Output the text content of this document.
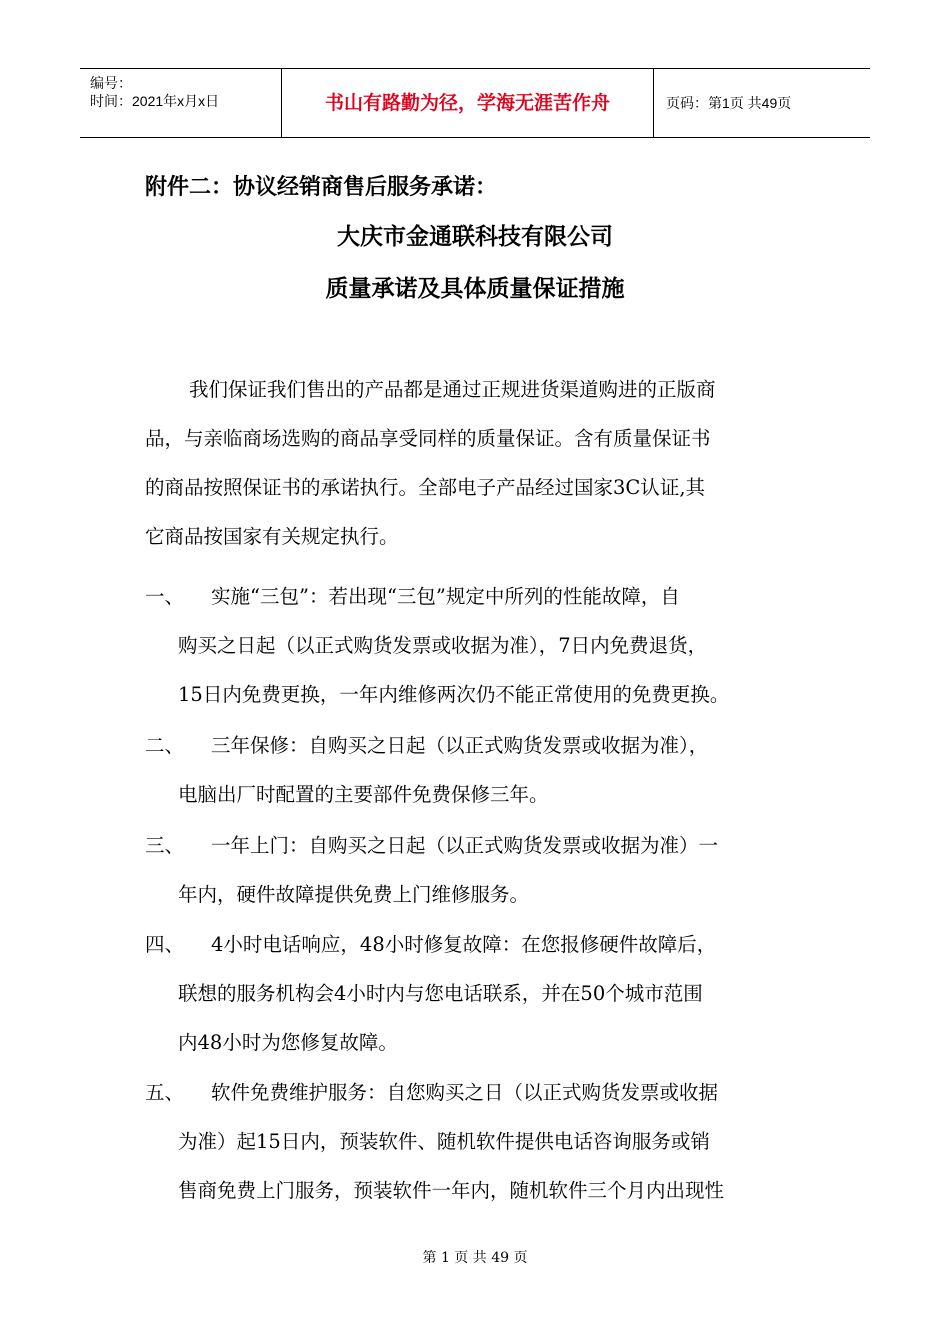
编号：
时间：2021年x月x日	书山有路勤为径，学海无涯苦作舟	页码：第1页 共49页
附件二：协议经销商售后服务承诺：
大庆市金通联科技有限公司
质量承诺及具体质量保证措施
我们保证我们售出的产品都是通过正规进货渠道购进的正版商
品，与亲临商场选购的商品享受同样的质量保证。含有质量保证书
的商品按照保证书的承诺执行。全部电子产品经过国家3C认证,其
它商品按国家有关规定执行。
一、 实施“三包”：若出现“三包”规定中所列的性能故障，自
购买之日起（以正式购货发票或收据为准），7日内免费退货，
15日内免费更换，一年内维修两次仍不能正常使用的免费更换。
二、 三年保修：自购买之日起（以正式购货发票或收据为准），
电脑出厂时配置的主要部件免费保修三年。
三、 一年上门：自购买之日起（以正式购货发票或收据为准）一
年内，硬件故障提供免费上门维修服务。
四、 4小时电话响应，48小时修复故障：在您报修硬件故障后，
联想的服务机构会4小时内与您电话联系，并在50个城市范围
内48小时为您修复故障。
五、 软件免费维护服务：自您购买之日（以正式购货发票或收据
为准）起15日内，预装软件、随机软件提供电话咨询服务或销
售商免费上门服务，预装软件一年内，随机软件三个月内出现性
第 1 页 共 49 页
